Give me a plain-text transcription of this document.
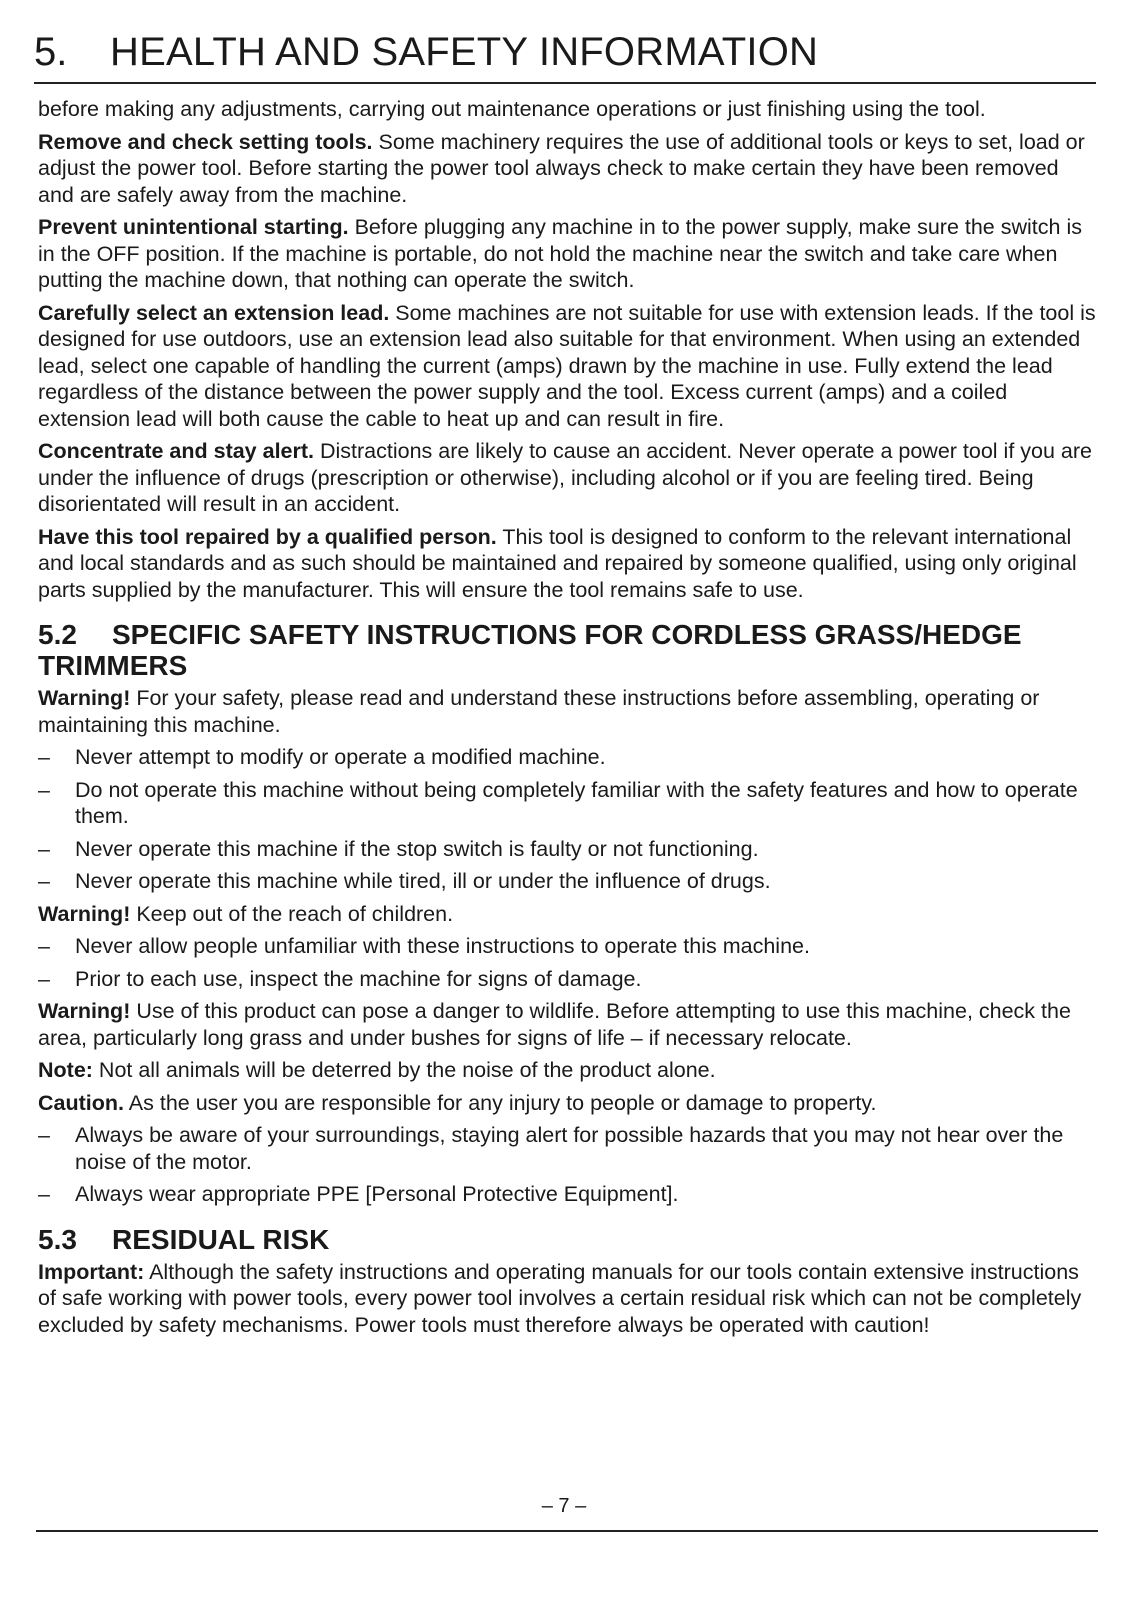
5. HEALTH AND SAFETY INFORMATION

before making any adjustments, carrying out maintenance operations or just finishing using the tool.

Remove and check setting tools. Some machinery requires the use of additional tools or keys to set, load or adjust the power tool. Before starting the power tool always check to make certain they have been removed and are safely away from the machine.

Prevent unintentional starting. Before plugging any machine in to the power supply, make sure the switch is in the OFF position. If the machine is portable, do not hold the machine near the switch and take care when putting the machine down, that nothing can operate the switch.

Carefully select an extension lead. Some machines are not suitable for use with extension leads. If the tool is designed for use outdoors, use an extension lead also suitable for that environment. When using an extended lead, select one capable of handling the current (amps) drawn by the machine in use. Fully extend the lead regardless of the distance between the power supply and the tool. Excess current (amps) and a coiled extension lead will both cause the cable to heat up and can result in fire.

Concentrate and stay alert. Distractions are likely to cause an accident. Never operate a power tool if you are under the influence of drugs (prescription or otherwise), including alcohol or if you are feeling tired. Being disorientated will result in an accident.

Have this tool repaired by a qualified person. This tool is designed to conform to the relevant international and local standards and as such should be maintained and repaired by someone qualified, using only original parts supplied by the manufacturer. This will ensure the tool remains safe to use.

5.2 SPECIFIC SAFETY INSTRUCTIONS FOR CORDLESS GRASS/HEDGE TRIMMERS

Warning! For your safety, please read and understand these instructions before assembling, operating or maintaining this machine.

– Never attempt to modify or operate a modified machine.
– Do not operate this machine without being completely familiar with the safety features and how to operate them.
– Never operate this machine if the stop switch is faulty or not functioning.
– Never operate this machine while tired, ill or under the influence of drugs.

Warning! Keep out of the reach of children.

– Never allow people unfamiliar with these instructions to operate this machine.
– Prior to each use, inspect the machine for signs of damage.

Warning! Use of this product can pose a danger to wildlife. Before attempting to use this machine, check the area, particularly long grass and under bushes for signs of life – if necessary relocate.

Note: Not all animals will be deterred by the noise of the product alone.

Caution. As the user you are responsible for any injury to people or damage to property.

– Always be aware of your surroundings, staying alert for possible hazards that you may not hear over the noise of the motor.
– Always wear appropriate PPE [Personal Protective Equipment].
5.3 RESIDUAL RISK

Important: Although the safety instructions and operating manuals for our tools contain extensive instructions of safe working with power tools, every power tool involves a certain residual risk which can not be completely excluded by safety mechanisms. Power tools must therefore always be operated with caution!

– 7 –
